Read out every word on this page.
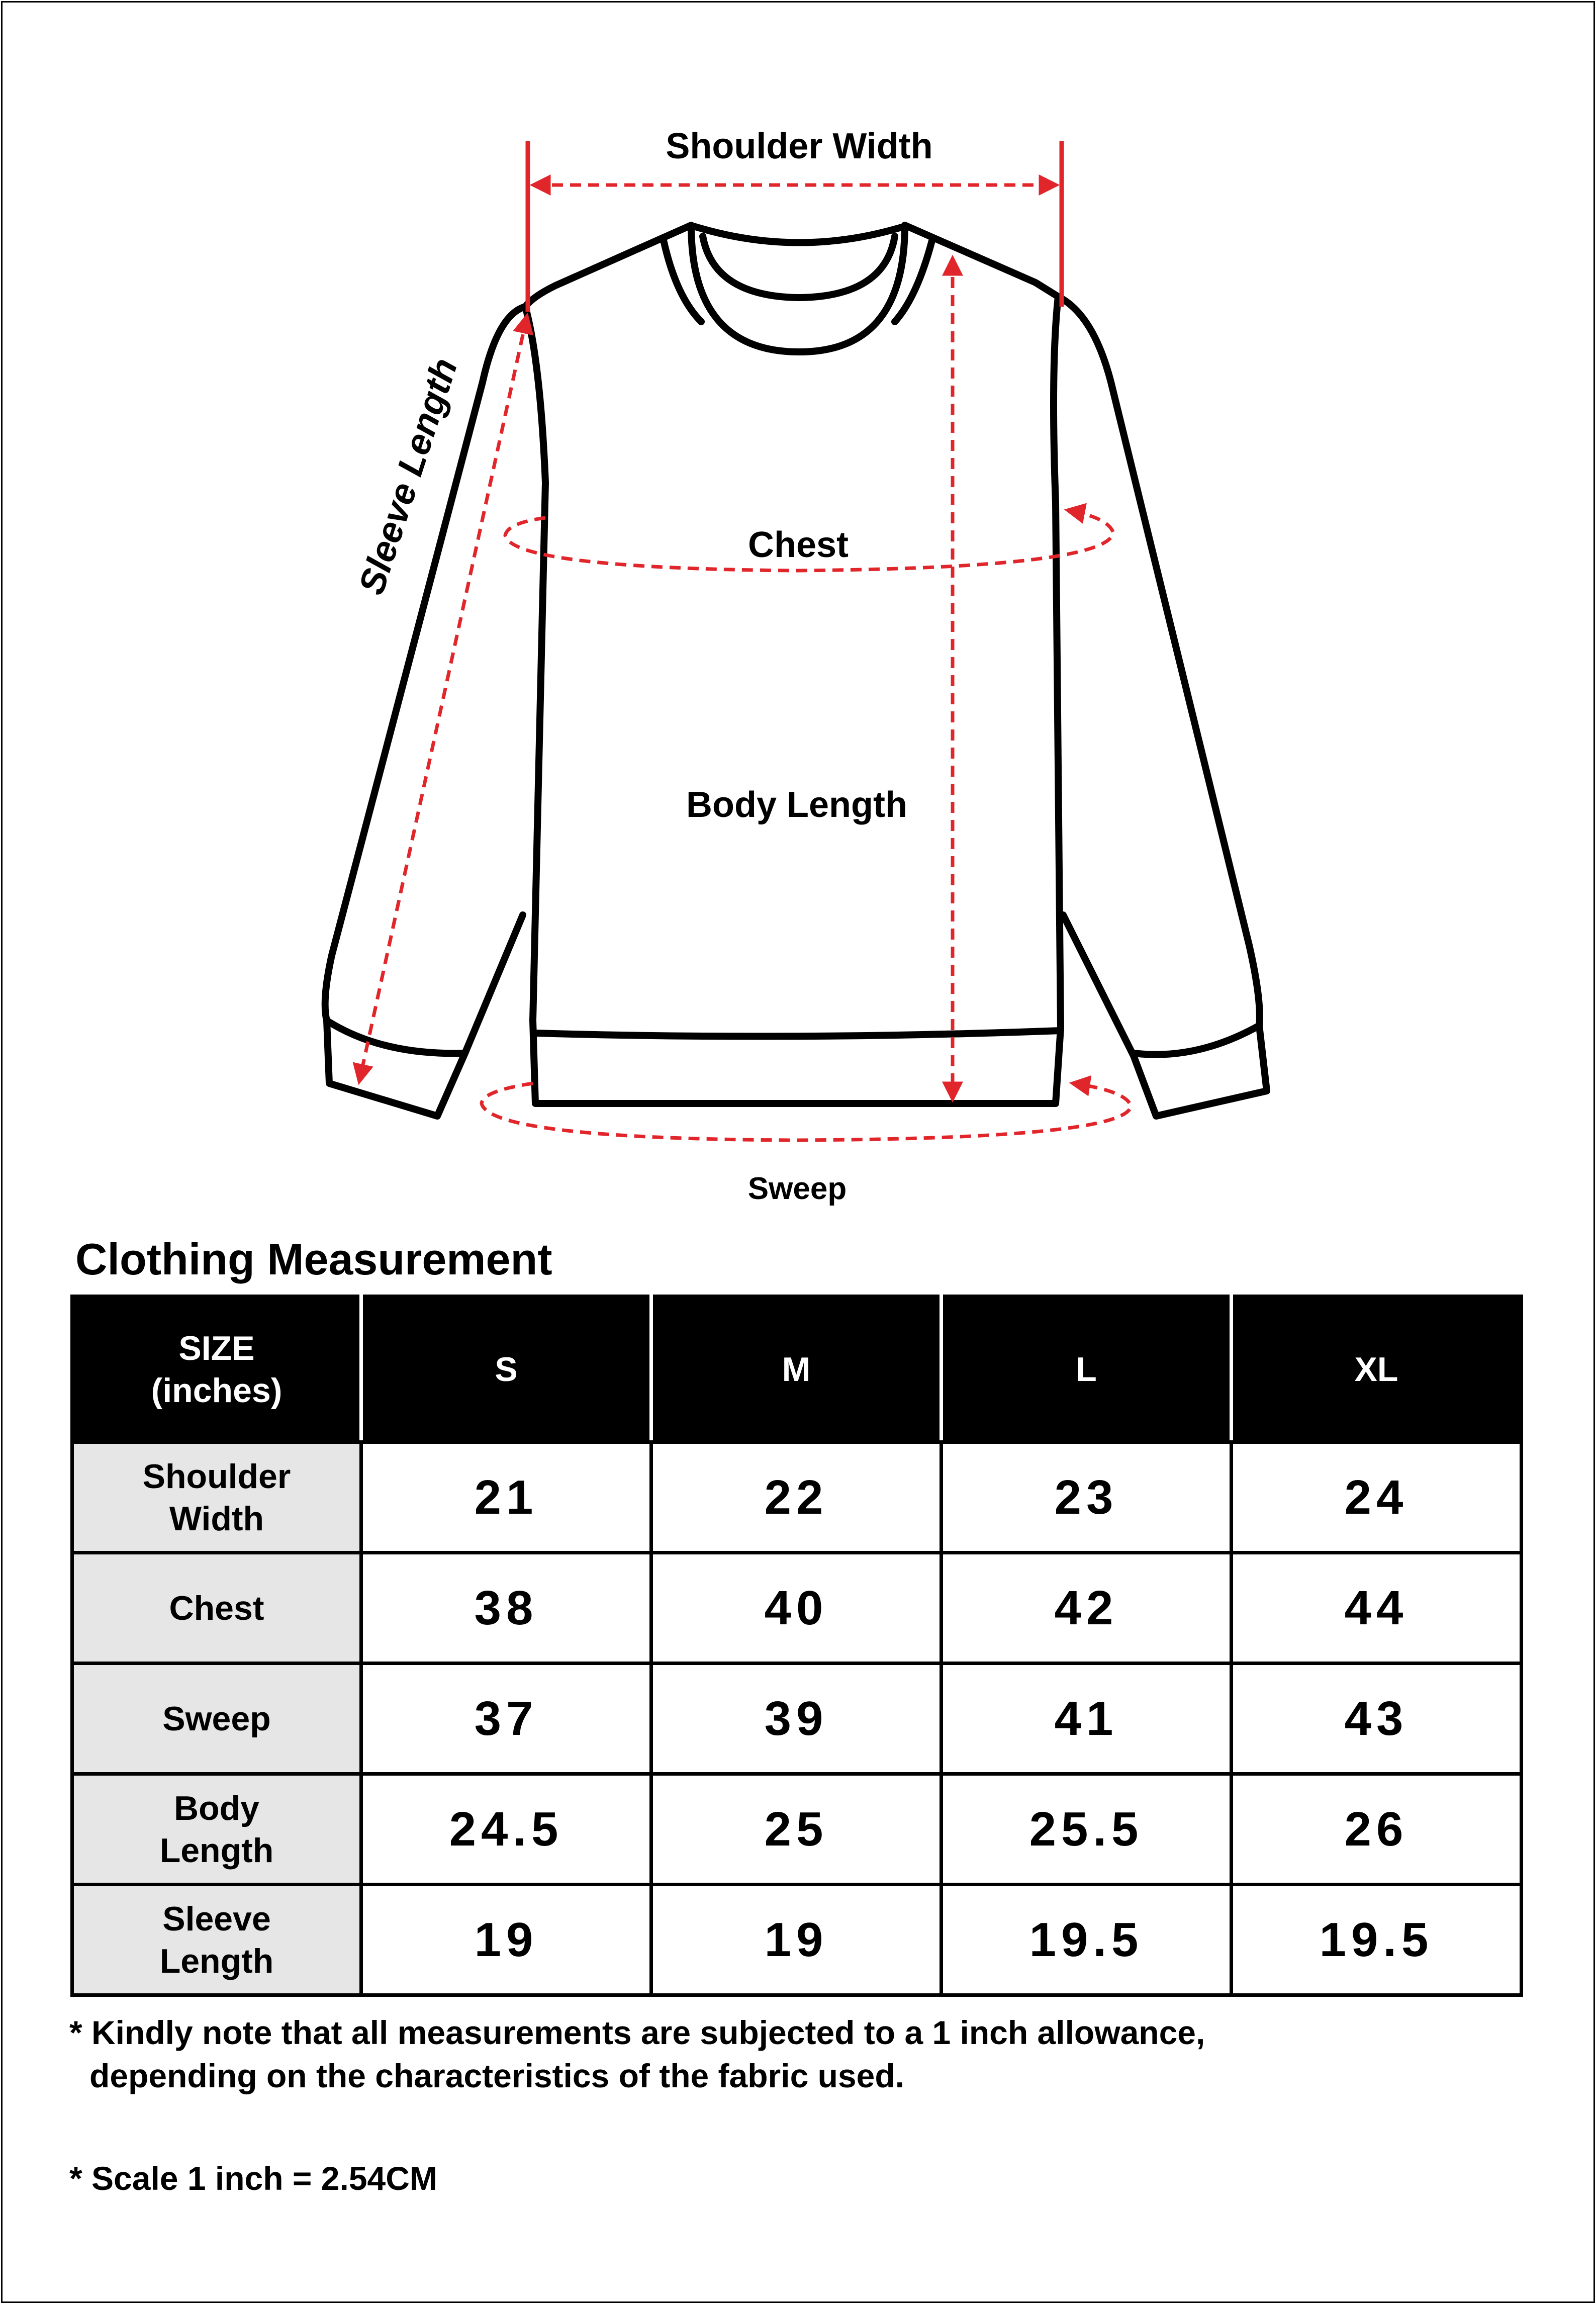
Shoulder Width
Chest
Body Length
Sweep
Sleeve Length
Clothing Measurement
SIZE
(inches)	S	M	L	XL

Shoulder
Width	21	22	23	24

Chest	38	40	42	44

Sweep	37	39	41	43

Body
Length	24.5	25	25.5	26

Sleeve
Length	19	19	19.5	19.5
* Kindly note that all measurements are subjected to a 1 inch allowance,
depending on the characteristics of the fabric used.
* Scale 1 inch = 2.54CM
